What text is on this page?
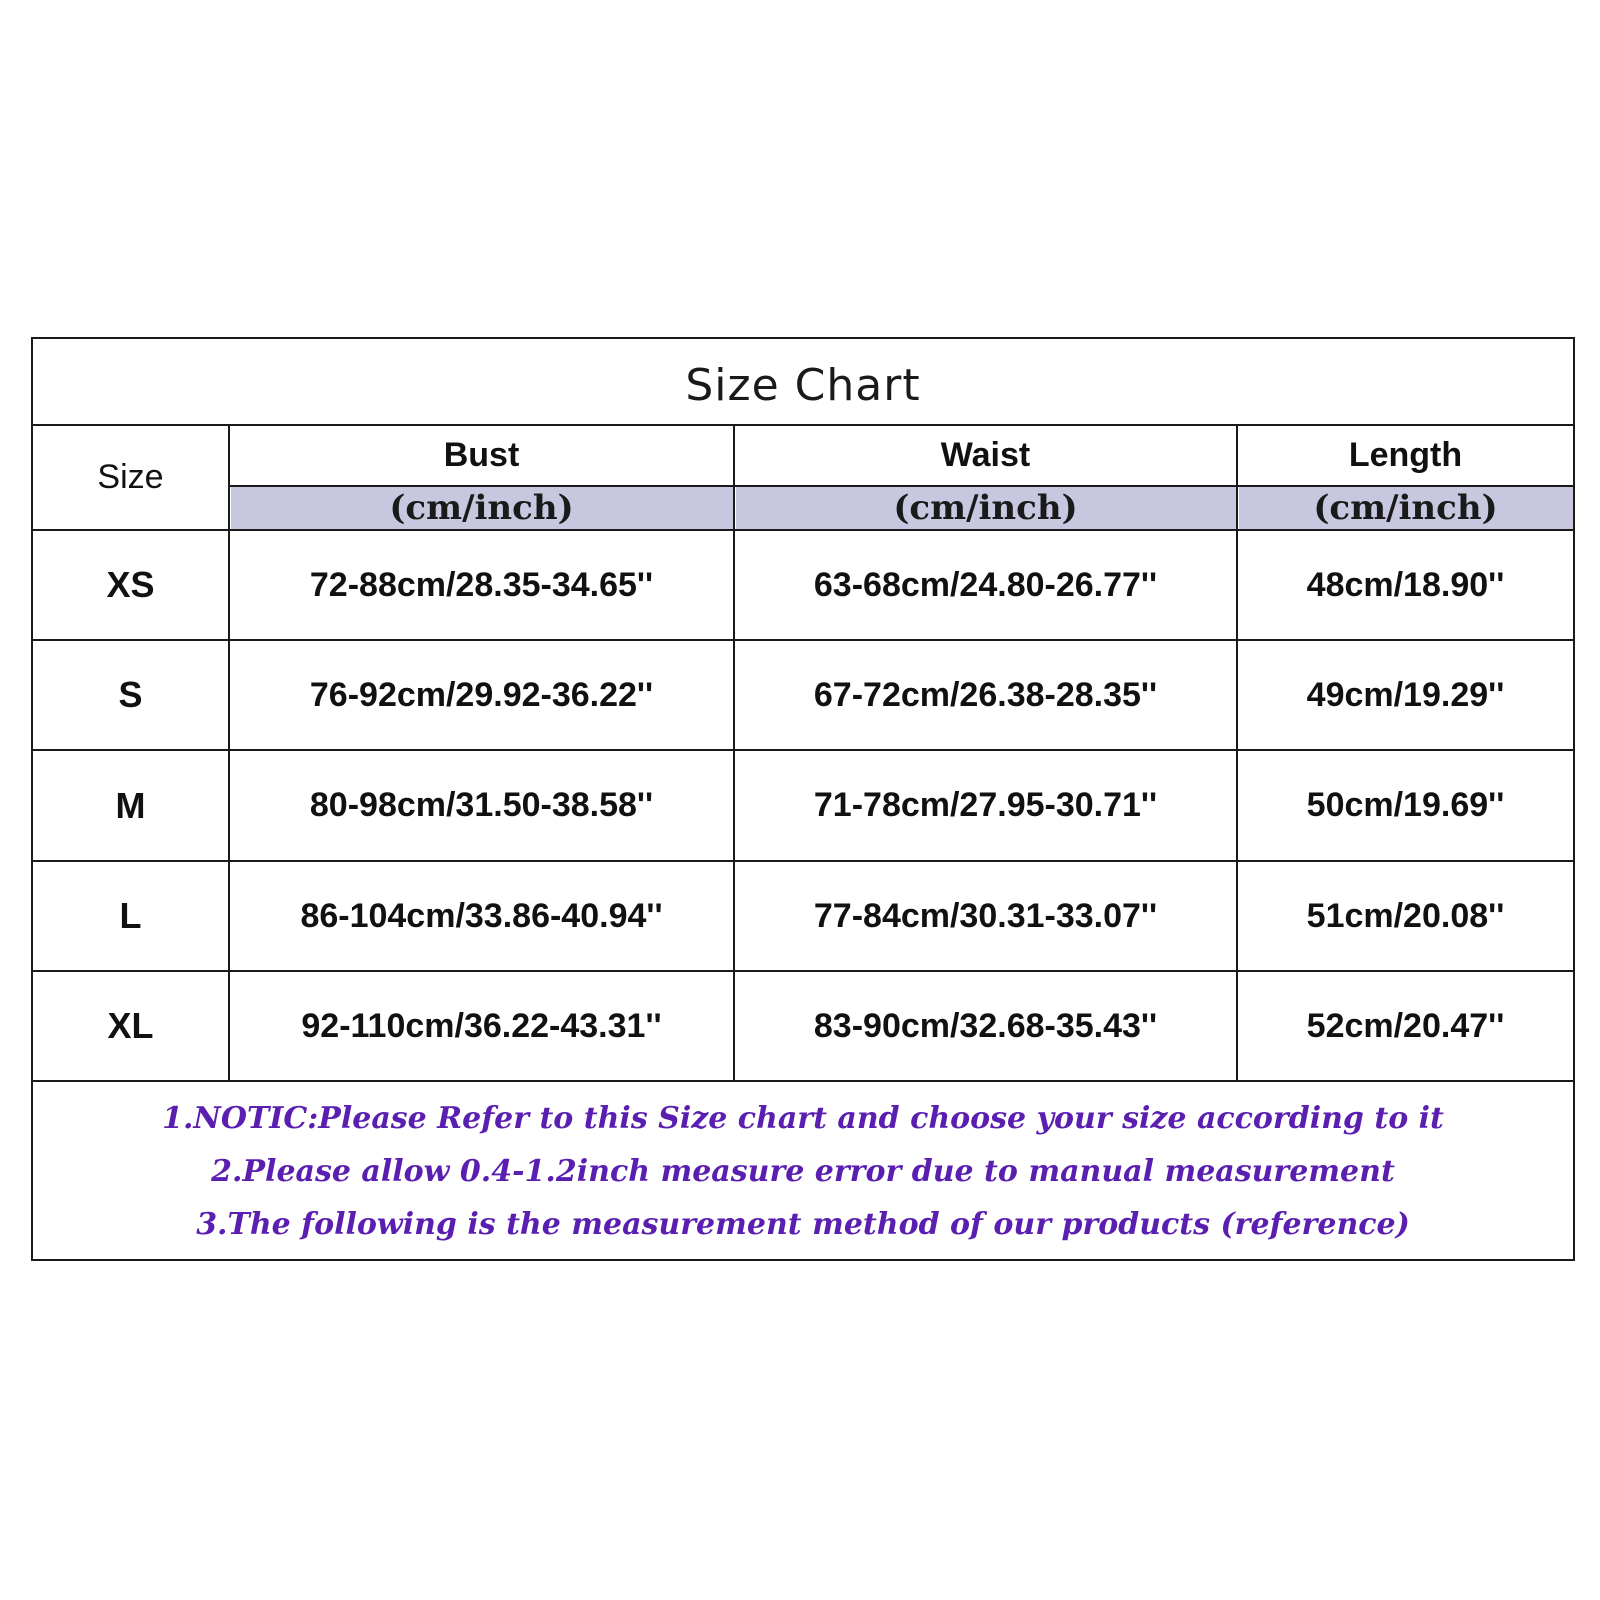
Size Chart
Size
Bust	Waist	Length
(cm/inch)	(cm/inch)	(cm/inch)
XS	72-88cm/28.35-34.65''	63-68cm/24.80-26.77''	48cm/18.90''
S	76-92cm/29.92-36.22''	67-72cm/26.38-28.35''	49cm/19.29''
M	80-98cm/31.50-38.58''	71-78cm/27.95-30.71''	50cm/19.69''
L	86-104cm/33.86-40.94''	77-84cm/30.31-33.07''	51cm/20.08''
XL	92-110cm/36.22-43.31''	83-90cm/32.68-35.43''	52cm/20.47''
1.NOTIC:Please Refer to this Size chart and choose your size according to it
2.Please allow 0.4-1.2inch measure error due to manual measurement
3.The following is the measurement method of our products (reference)
